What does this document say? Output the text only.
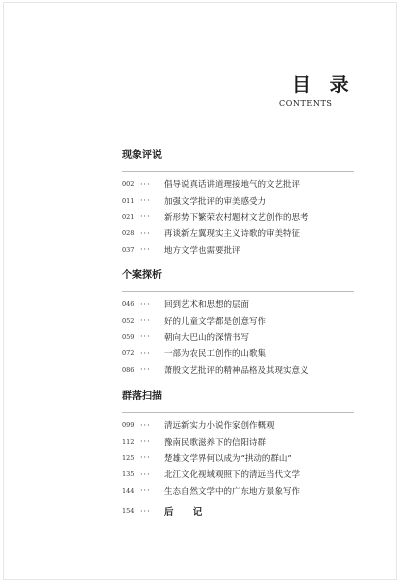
目 录
CONTENTS
现象评说
002 ···	倡导说真话讲道理接地气的文艺批评
011 ···	加强文学批评的审美感受力
021 ···	新形势下繁荣农村题材文艺创作的思考
028 ···	再谈新左翼现实主义诗歌的审美特征
037 ···	地方文学也需要批评
个案探析
046 ···	回到艺术和思想的层面
052 ···	好的儿童文学都是创意写作
059 ···	朝向大巴山的深情书写
072 ···	一部为农民工创作的山歌集
086 ···	萧殷文艺批评的精神品格及其现实意义
群落扫描
099 ···	清远新实力小说作家创作概观
112 ···	豫南民歌滋养下的信阳诗群
125 ···	楚雄文学界何以成为“拱动的群山”
135 ···	北江文化视域观照下的清远当代文学
144 ···	生态自然文学中的广东地方景象写作
154 ···	后 记
